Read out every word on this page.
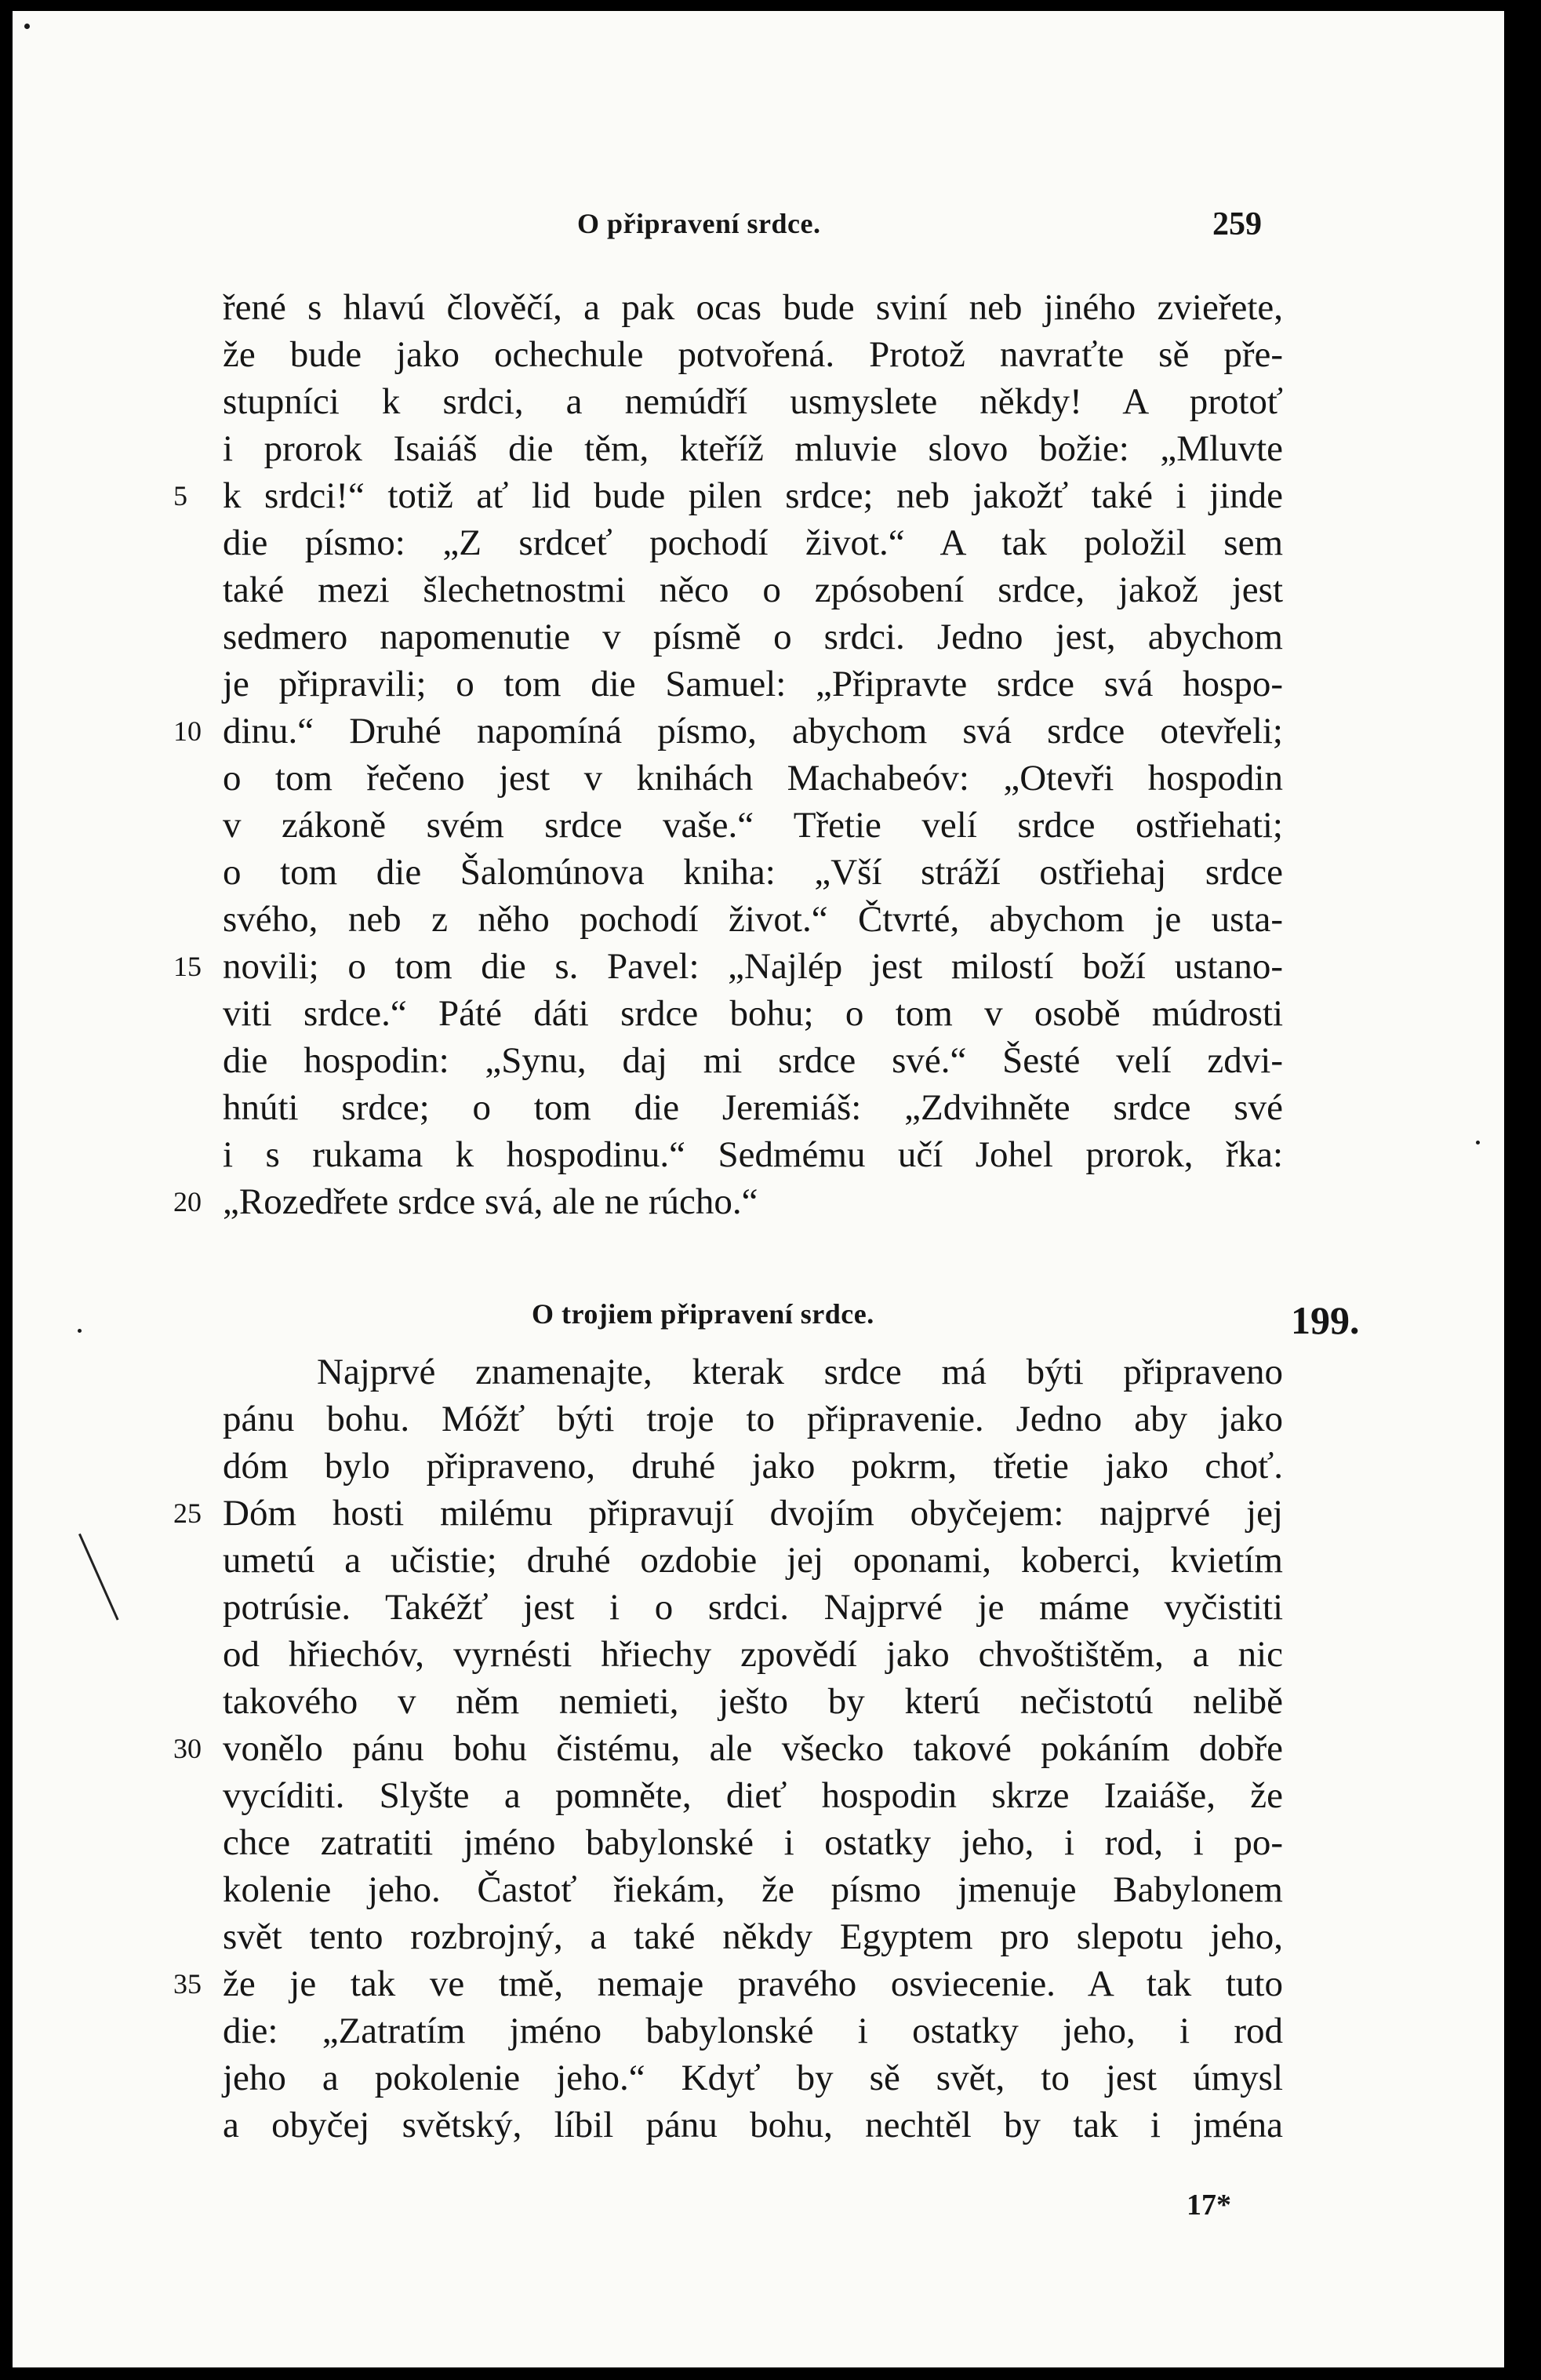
O připravení srdce.	259
řené s hlavú člověčí, a pak ocas bude sviní neb jiného zvieřete,
že bude jako ochechule potvořená. Protož navraťte sě pře-
stupníci k srdci, a nemúdří usmyslete někdy! A protoť
i prorok Isaiáš die těm, kteříž mluvie slovo božie: „Mluvte
k srdci!“ totiž ať lid bude pilen srdce; neb jakožť také i jinde
die písmo: „Z srdceť pochodí život.“ A tak položil sem
také mezi šlechetnostmi něco o zpósobení srdce, jakož jest
sedmero napomenutie v písmě o srdci. Jedno jest, abychom
je připravili; o tom die Samuel: „Připravte srdce svá hospo-
dinu.“ Druhé napomíná písmo, abychom svá srdce otevřeli;
o tom řečeno jest v knihách Machabeóv: „Otevři hospodin
v zákoně svém srdce vaše.“ Třetie velí srdce ostřiehati;
o tom die Šalomúnova kniha: „Vší stráží ostřiehaj srdce
svého, neb z něho pochodí život.“ Čtvrté, abychom je usta-
novili; o tom die s. Pavel: „Najlép jest milostí boží ustano-
viti srdce.“ Páté dáti srdce bohu; o tom v osobě múdrosti
die hospodin: „Synu, daj mi srdce své.“ Šesté velí zdvi-
hnúti srdce; o tom die Jeremiáš: „Zdvihněte srdce své
i s rukama k hospodinu.“ Sedmému učí Johel prorok, řka:
„Rozedřete srdce svá, ale ne rúcho.“
O trojiem připravení srdce.	199.
Najprvé znamenajte, kterak srdce má býti připraveno
pánu bohu. Móžť býti troje to připravenie. Jedno aby jako
dóm bylo připraveno, druhé jako pokrm, třetie jako choť.
Dóm hosti milému připravují dvojím obyčejem: najprvé jej
umetú a učistie; druhé ozdobie jej oponami, koberci, kvietím
potrúsie. Takéžť jest i o srdci. Najprvé je máme vyčistiti
od hřiechóv, vyrnésti hřiechy zpovědí jako chvoštištěm, a nic
takového v něm nemieti, ješto by kterú nečistotú nelibě
vonělo pánu bohu čistému, ale všecko takové pokáním dobře
vycíditi. Slyšte a pomněte, dieť hospodin skrze Izaiáše, že
chce zatratiti jméno babylonské i ostatky jeho, i rod, i po-
kolenie jeho. Častoť řiekám, že písmo jmenuje Babylonem
svět tento rozbrojný, a také někdy Egyptem pro slepotu jeho,
že je tak ve tmě, nemaje pravého osviecenie. A tak tuto
die: „Zatratím jméno babylonské i ostatky jeho, i rod
jeho a pokolenie jeho.“ Kdyť by sě svět, to jest úmysl
a obyčej světský, líbil pánu bohu, nechtěl by tak i jména
5
10
15
20
25
30
35
17*
